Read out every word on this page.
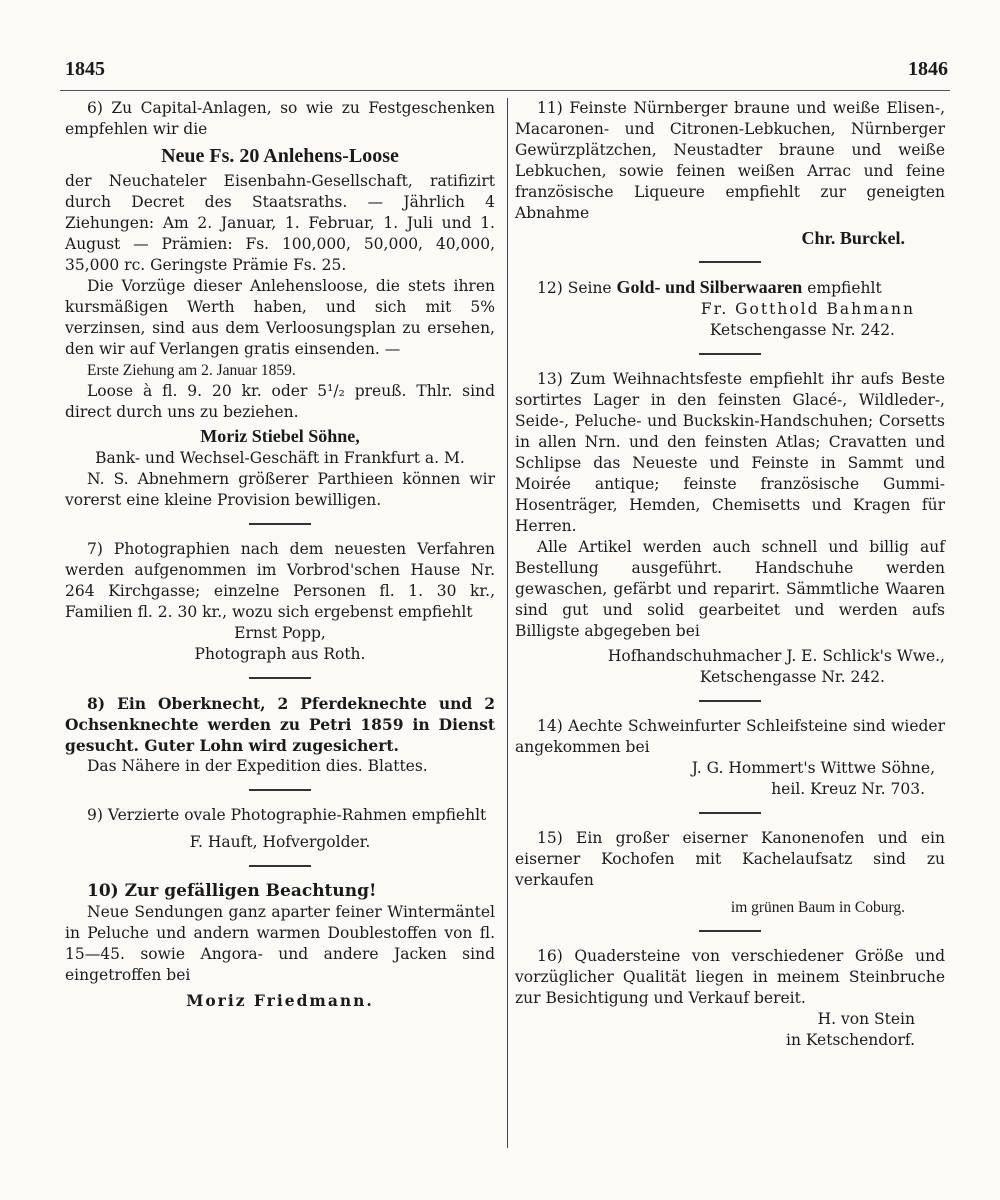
1845	1846

6) Zu Capital-Anlagen, so wie zu Festgeschenken empfehlen wir die

Neue Fs. 20 Anlehens-Loose

der Neuchateler Eisenbahn-Gesellschaft, ratifizirt durch Decret des Staatsraths. — Jährlich 4 Ziehungen: Am 2. Januar, 1. Februar, 1. Juli und 1. August — Prämien: Fs. 100,000, 50,000, 40,000, 35,000 rc. Geringste Prämie Fs. 25.

Die Vorzüge dieser Anlehensloose, die stets ihren kursmäßigen Werth haben, und sich mit 5% verzinsen, sind aus dem Verloosungsplan zu ersehen, den wir auf Verlangen gratis einsenden. —

Erste Ziehung am 2. Januar 1859.

Loose à fl. 9. 20 kr. oder 5¹/₂ preuß. Thlr. sind direct durch uns zu beziehen.

Moriz Stiebel Söhne,

Bank- und Wechsel-Geschäft in Frankfurt a. M.

N. S. Abnehmern größerer Parthieen können wir vorerst eine kleine Provision bewilligen.

7) Photographien nach dem neuesten Verfahren werden aufgenommen im Vorbrod'schen Hause Nr. 264 Kirchgasse; einzelne Personen fl. 1. 30 kr., Familien fl. 2. 30 kr., wozu sich ergebenst empfiehlt

Ernst Popp,

Photograph aus Roth.

8) Ein Oberknecht, 2 Pferdeknechte und 2 Ochsenknechte werden zu Petri 1859 in Dienst gesucht. Guter Lohn wird zugesichert.

Das Nähere in der Expedition dies. Blattes.

9) Verzierte ovale Photographie-Rahmen empfiehlt

F. Hauft, Hofvergolder.

10) Zur gefälligen Beachtung!

Neue Sendungen ganz aparter feiner Wintermäntel in Peluche und andern warmen Doublestoffen von fl. 15—45. sowie Angora- und andere Jacken sind eingetroffen bei

Moriz Friedmann.

11) Feinste Nürnberger braune und weiße Elisen-, Macaronen- und Citronen-Lebkuchen, Nürnberger Gewürzplätzchen, Neustadter braune und weiße Lebkuchen, sowie feinen weißen Arrac und feine französische Liqueure empfiehlt zur geneigten Abnahme

Chr. Burckel.

12) Seine Gold- und Silberwaaren empfiehlt

Fr. Gotthold Bahmann

Ketschengasse Nr. 242.

13) Zum Weihnachtsfeste empfiehlt ihr aufs Beste sortirtes Lager in den feinsten Glacé-, Wildleder-, Seide-, Peluche- und Buckskin-Handschuhen; Corsetts in allen Nrn. und den feinsten Atlas; Cravatten und Schlipse das Neueste und Feinste in Sammt und Moirée antique; feinste französische Gummi-Hosenträger, Hemden, Chemisetts und Kragen für Herren.

Alle Artikel werden auch schnell und billig auf Bestellung ausgeführt. Handschuhe werden gewaschen, gefärbt und reparirt. Sämmtliche Waaren sind gut und solid gearbeitet und werden aufs Billigste abgegeben bei

Hofhandschuhmacher J. E. Schlick's Wwe.,

Ketschengasse Nr. 242.

14) Aechte Schweinfurter Schleifsteine sind wieder angekommen bei

J. G. Hommert's Wittwe Söhne,

heil. Kreuz Nr. 703.

15) Ein großer eiserner Kanonenofen und ein eiserner Kochofen mit Kachelaufsatz sind zu verkaufen

im grünen Baum in Coburg.

16) Quadersteine von verschiedener Größe und vorzüglicher Qualität liegen in meinem Steinbruche zur Besichtigung und Verkauf bereit.

H. von Stein

in Ketschendorf.
